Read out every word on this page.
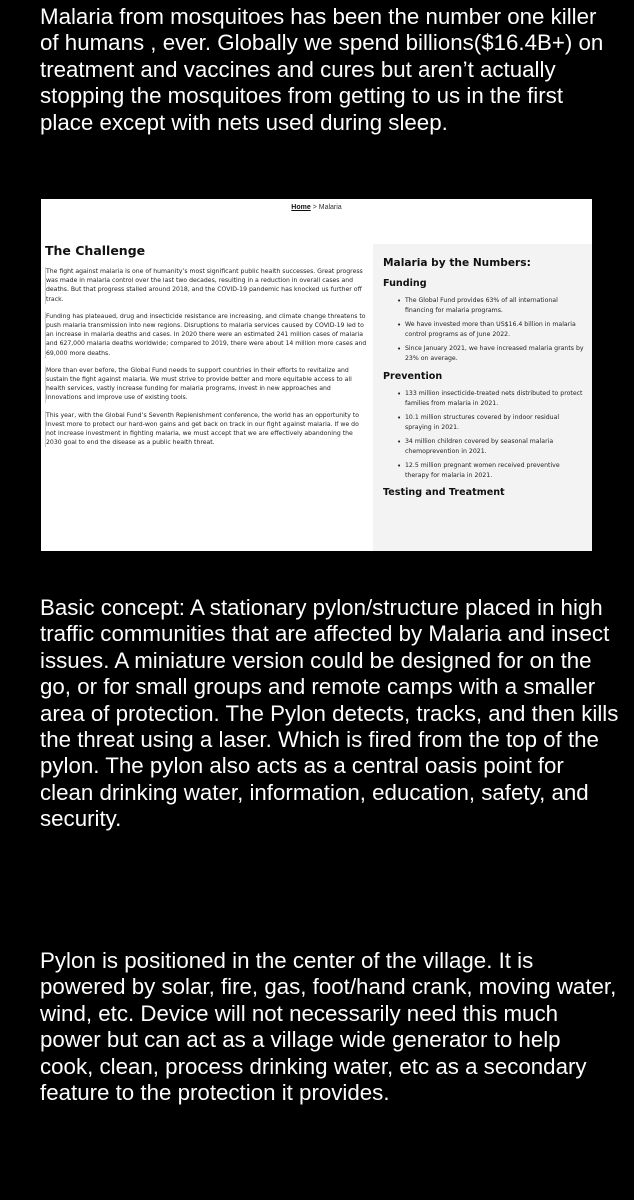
Malaria from mosquitoes has been the number one killer of humans , ever. Globally we spend billions($16.4B+) on treatment and vaccines and cures but aren’t actually stopping the mosquitoes from getting to us in the first place except with nets used during sleep.

Home > Malaria
The Challenge

The fight against malaria is one of humanity’s most significant public health successes. Great progress was made in malaria control over the last two decades, resulting in a reduction in overall cases and deaths. But that progress stalled around 2018, and the COVID-19 pandemic has knocked us further off track.

Funding has plateaued, drug and insecticide resistance are increasing, and climate change threatens to push malaria transmission into new regions. Disruptions to malaria services caused by COVID-19 led to an increase in malaria deaths and cases. In 2020 there were an estimated 241 million cases of malaria and 627,000 malaria deaths worldwide; compared to 2019, there were about 14 million more cases and 69,000 more deaths.

More than ever before, the Global Fund needs to support countries in their efforts to revitalize and sustain the fight against malaria. We must strive to provide better and more equitable access to all health services, vastly increase funding for malaria programs, invest in new approaches and innovations and improve use of existing tools.

This year, with the Global Fund’s Seventh Replenishment conference, the world has an opportunity to invest more to protect our hard-won gains and get back on track in our fight against malaria. If we do not increase investment in fighting malaria, we must accept that we are effectively abandoning the 2030 goal to end the disease as a public health threat.

Malaria by the Numbers:
Funding
• The Global Fund provides 63% of all international financing for malaria programs.
• We have invested more than US$16.4 billion in malaria control programs as of June 2022.
• Since January 2021, we have increased malaria grants by 23% on average.
Prevention
• 133 million insecticide-treated nets distributed to protect families from malaria in 2021.
• 10.1 million structures covered by indoor residual spraying in 2021.
• 34 million children covered by seasonal malaria chemoprevention in 2021.
• 12.5 million pregnant women received preventive therapy for malaria in 2021.
Testing and Treatment

Basic concept: A stationary pylon/structure placed in high traffic communities that are affected by Malaria and insect issues. A miniature version could be designed for on the go, or for small groups and remote camps with a smaller area of protection. The Pylon detects, tracks, and then kills the threat using a laser. Which is fired from the top of the pylon. The pylon also acts as a central oasis point for clean drinking water, information, education, safety, and security.

Pylon is positioned in the center of the village. It is powered by solar, fire, gas, foot/hand crank, moving water, wind, etc. Device will not necessarily need this much power but can act as a village wide generator to help cook, clean, process drinking water, etc as a secondary feature to the protection it provides.
